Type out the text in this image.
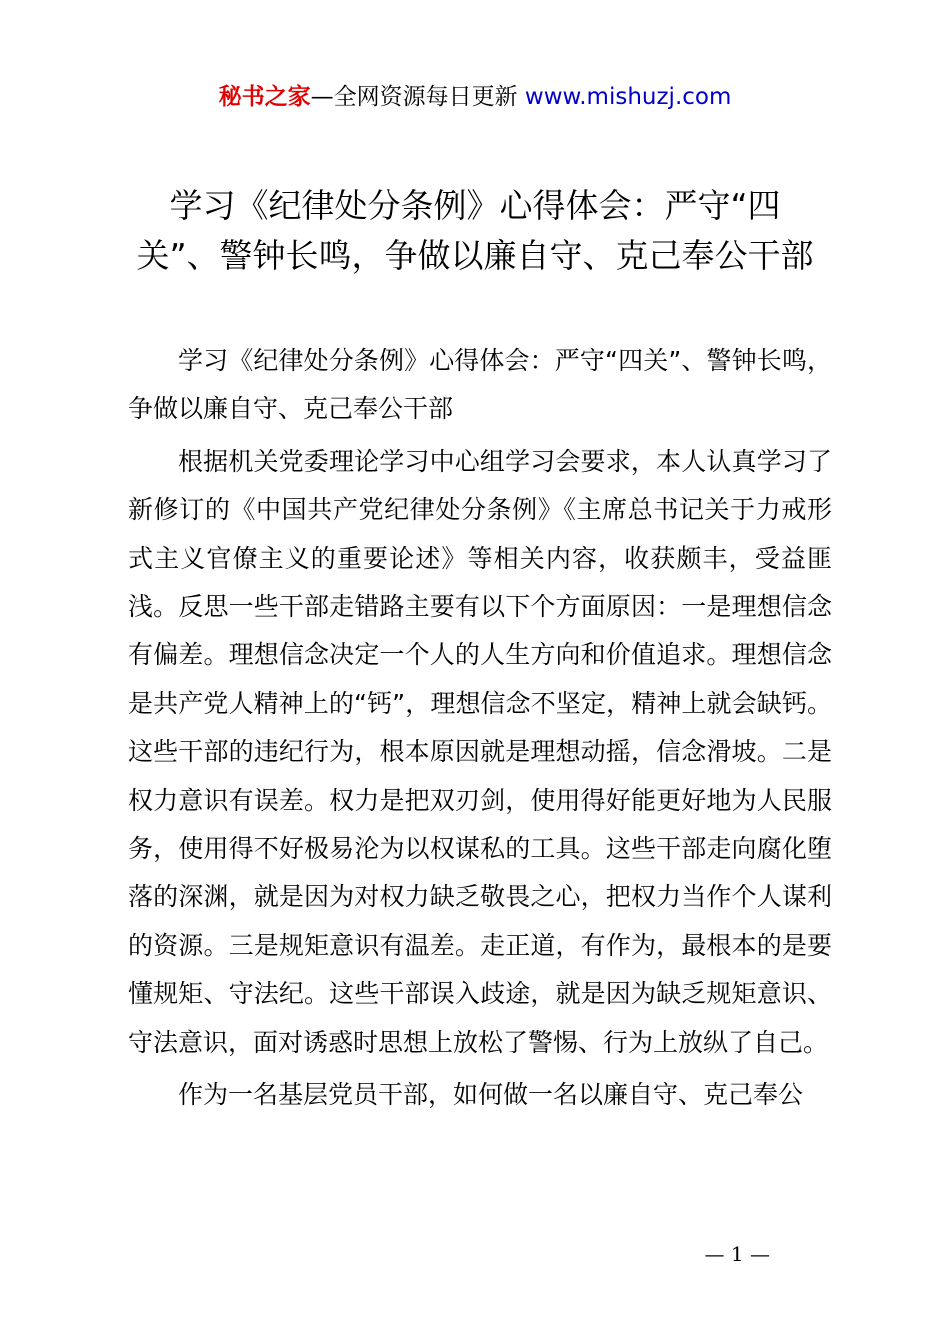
秘书之家—全网资源每日更新 www.mishuzj.com
学习《纪律处分条例》心得体会：严守“四关”、警钟长鸣，争做以廉自守、克己奉公干部

学习《纪律处分条例》心得体会：严守“四关”、警钟长鸣，争做以廉自守、克己奉公干部

根据机关党委理论学习中心组学习会要求，本人认真学习了新修订的《中国共产党纪律处分条例》《主席总书记关于力戒形式主义官僚主义的重要论述》等相关内容，收获颇丰，受益匪浅。反思一些干部走错路主要有以下个方面原因：一是理想信念有偏差。理想信念决定一个人的人生方向和价值追求。理想信念是共产党人精神上的“钙”，理想信念不坚定，精神上就会缺钙。这些干部的违纪行为，根本原因就是理想动摇，信念滑坡。二是权力意识有误差。权力是把双刃剑，使用得好能更好地为人民服务，使用得不好极易沦为以权谋私的工具。这些干部走向腐化堕落的深渊，就是因为对权力缺乏敬畏之心，把权力当作个人谋利的资源。三是规矩意识有温差。走正道，有作为，最根本的是要懂规矩、守法纪。这些干部误入歧途，就是因为缺乏规矩意识、守法意识，面对诱惑时思想上放松了警惕、行为上放纵了自己。

作为一名基层党员干部，如何做一名以廉自守、克己奉公

— 1 —
